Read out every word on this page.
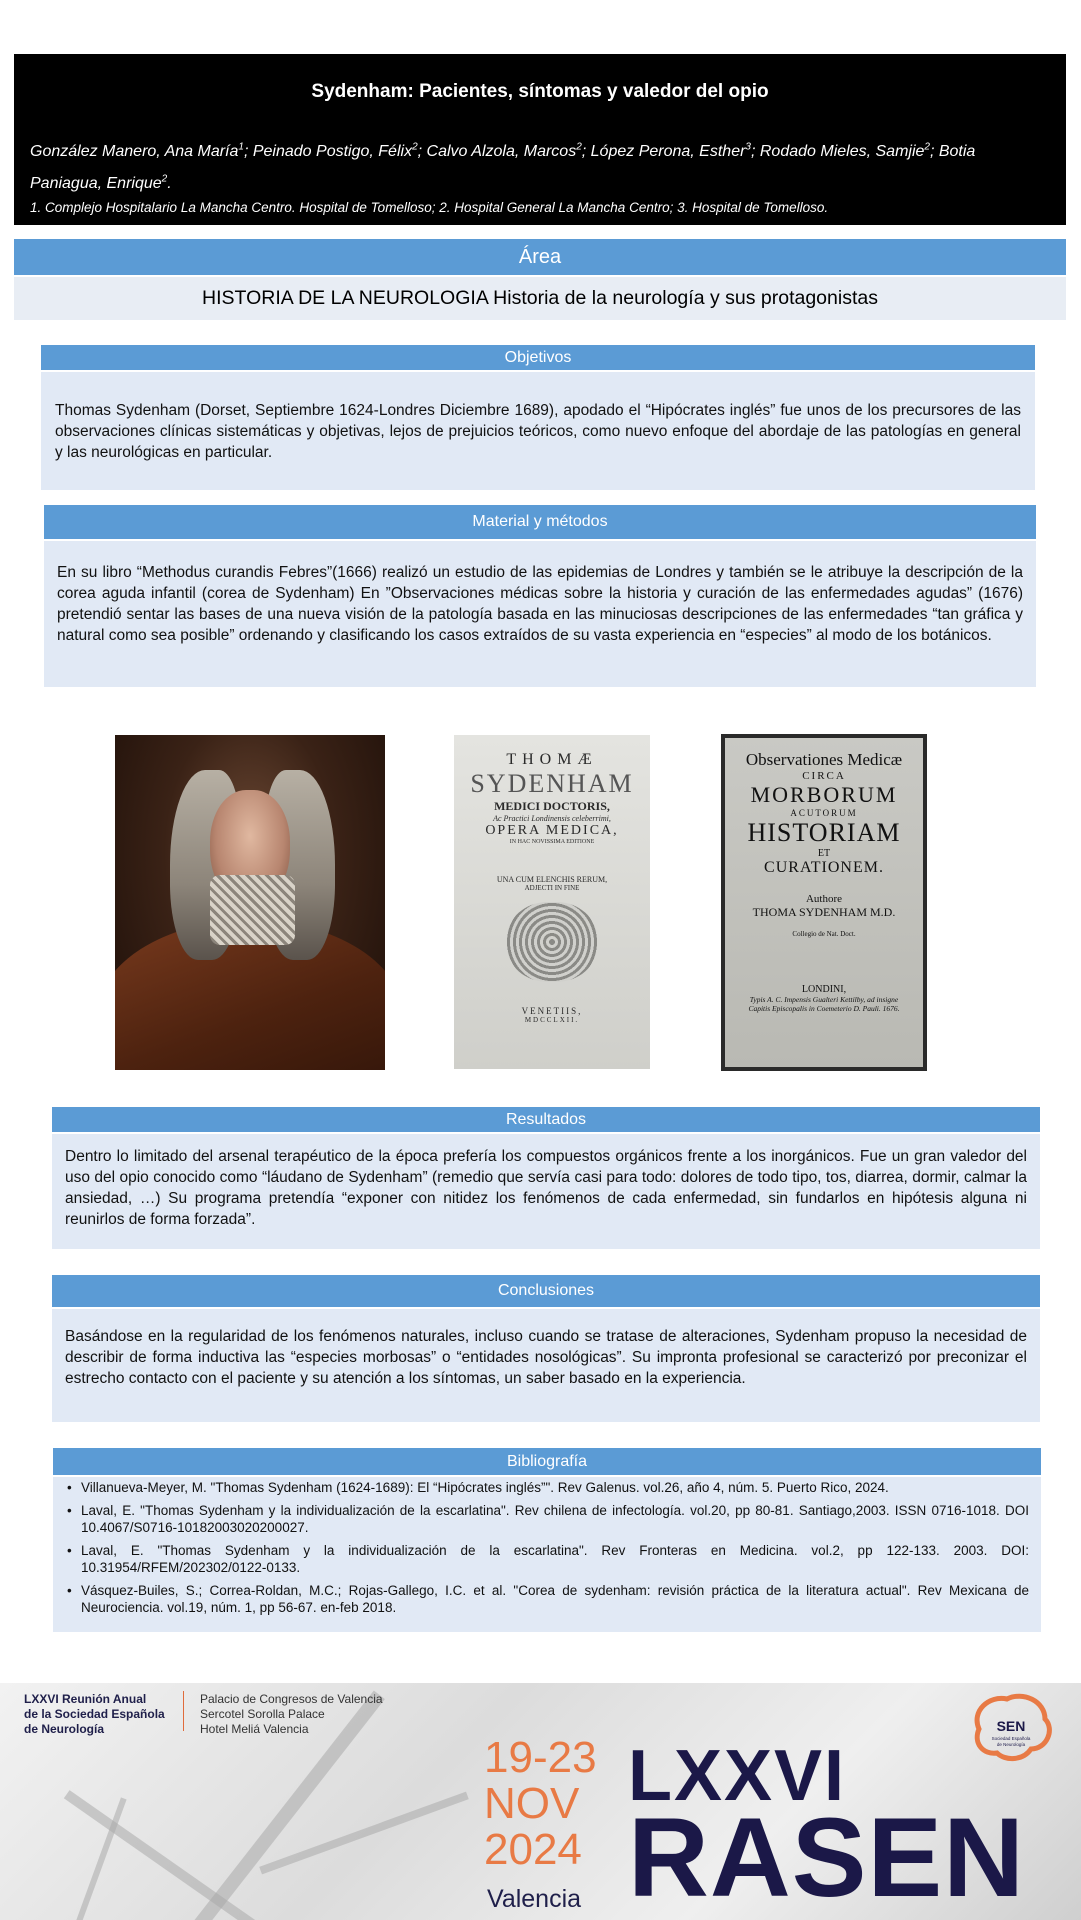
Sydenham: Pacientes, síntomas y valedor del opio
González Manero, Ana María$^1$; Peinado Postigo, Félix$^2$; Calvo Alzola, Marcos$^2$; López Perona, Esther$^3$; Rodado Mieles, Samjie$^2$; Botia Paniagua, Enrique$^2$.
1. Complejo Hospitalario La Mancha Centro. Hospital de Tomelloso; 2. Hospital General La Mancha Centro; 3. Hospital de Tomelloso.
Área
HISTORIA DE LA NEUROLOGIA Historia de la neurología y sus protagonistas
Objetivos
Thomas Sydenham (Dorset, Septiembre 1624-Londres Diciembre 1689), apodado el “Hipócrates inglés” fue unos de los precursores de las observaciones clínicas sistemáticas y objetivas, lejos de prejuicios teóricos, como nuevo enfoque del abordaje de las patologías en general y las neurológicas en particular.
Material y métodos
En su libro “Methodus curandis Febres”(1666) realizó un estudio de las epidemias de Londres y también se le atribuye la descripción de la corea aguda infantil (corea de Sydenham) En ”Observaciones médicas sobre la historia y curación de las enfermedades agudas” (1676) pretendió sentar las bases de una nueva visión de la patología basada en las minuciosas descripciones de las enfermedades “tan gráfica y natural como sea posible” ordenando y clasificando los casos extraídos de su vasta experiencia en “especies” al modo de los botánicos.
THOMÆ
SYDENHAM
MEDICI DOCTORIS,
Ac Practici Londinensis celeberrimi,
OPERA MEDICA,
IN HAC NOVISSIMA EDITIONE
UNA CUM ELENCHIS RERUM,
ADJECTI IN FINE
VENETIIS,
MDCCLXII.
Observationes Medicæ
CIRCA
MORBORUM
ACUTORUM
HISTORIAM
ET
CURATIONEM.
Authore
THOMA SYDENHAM M.D.
Collegio de Nat. Doct.
LONDINI,
Typis A. C. Impensis Gualteri Kettilby, ad insigne Capitis Episcopalis in Coemeterio D. Pauli. 1676.
Resultados
Dentro lo limitado del arsenal terapéutico de la época prefería los compuestos orgánicos frente a los inorgánicos. Fue un gran valedor del uso del opio conocido como “láudano de Sydenham” (remedio que servía casi para todo: dolores de todo tipo, tos, diarrea, dormir, calmar la ansiedad, …) Su programa pretendía “exponer con nitidez los fenómenos de cada enfermedad, sin fundarlos en hipótesis alguna ni reunirlos de forma forzada”.
Conclusiones
Basándose en la regularidad de los fenómenos naturales, incluso cuando se tratase de alteraciones, Sydenham propuso la necesidad de describir de forma inductiva las “especies morbosas” o “entidades nosológicas”. Su impronta profesional se caracterizó por preconizar el estrecho contacto con el paciente y su atención a los síntomas, un saber basado en la experiencia.
Bibliografía
• Villanueva-Meyer, M. "Thomas Sydenham (1624-1689): El “Hipócrates inglés”". Rev Galenus. vol.26, año 4, núm. 5. Puerto Rico, 2024.
• Laval, E. "Thomas Sydenham y la individualización de la escarlatina". Rev chilena de infectología. vol.20, pp 80-81. Santiago,2003. ISSN 0716-1018. DOI 10.4067/S0716-10182003020200027.
• Laval, E. "Thomas Sydenham y la individualización de la escarlatina". Rev Fronteras en Medicina. vol.2, pp 122-133. 2003. DOI: 10.31954/RFEM/202302/0122-0133.
• Vásquez-Builes, S.; Correa-Roldan, M.C.; Rojas-Gallego, I.C. et al. "Corea de sydenham: revisión práctica de la literatura actual". Rev Mexicana de Neurociencia. vol.19, núm. 1, pp 56-67. en-feb 2018.
LXXVI Reunión Anual
de la Sociedad Española
de Neurología
Palacio de Congresos de Valencia
Sercotel Sorolla Palace
Hotel Meliá Valencia
19-23
NOV
2024
Valencia
LXXVI
RASEN
SEN
Sociedad Española
de Neurología
